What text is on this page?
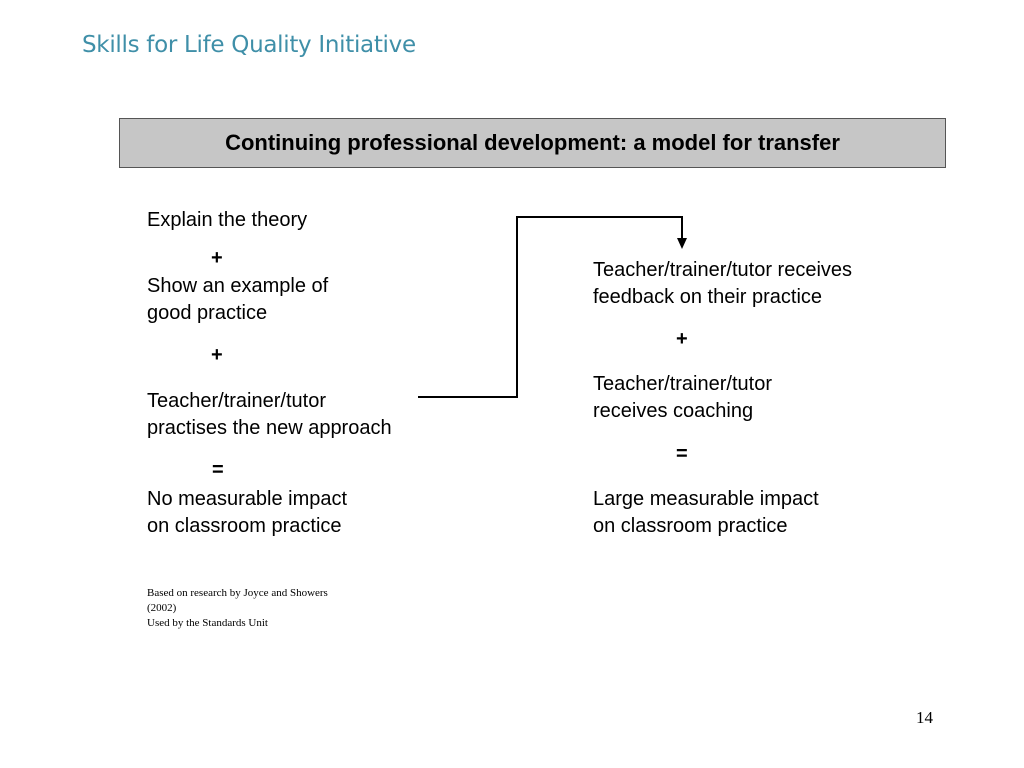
Skills for Life Quality Initiative
Continuing professional development: a model for transfer
Explain the theory
+
Show an example of
good practice
+
Teacher/trainer/tutor
practises the new approach
=
No measurable impact
on classroom practice
Teacher/trainer/tutor receives
feedback on their practice
+
Teacher/trainer/tutor
receives coaching
=
Large measurable impact
on classroom practice
Based on research by Joyce and Showers
(2002)
Used by the Standards Unit
14
